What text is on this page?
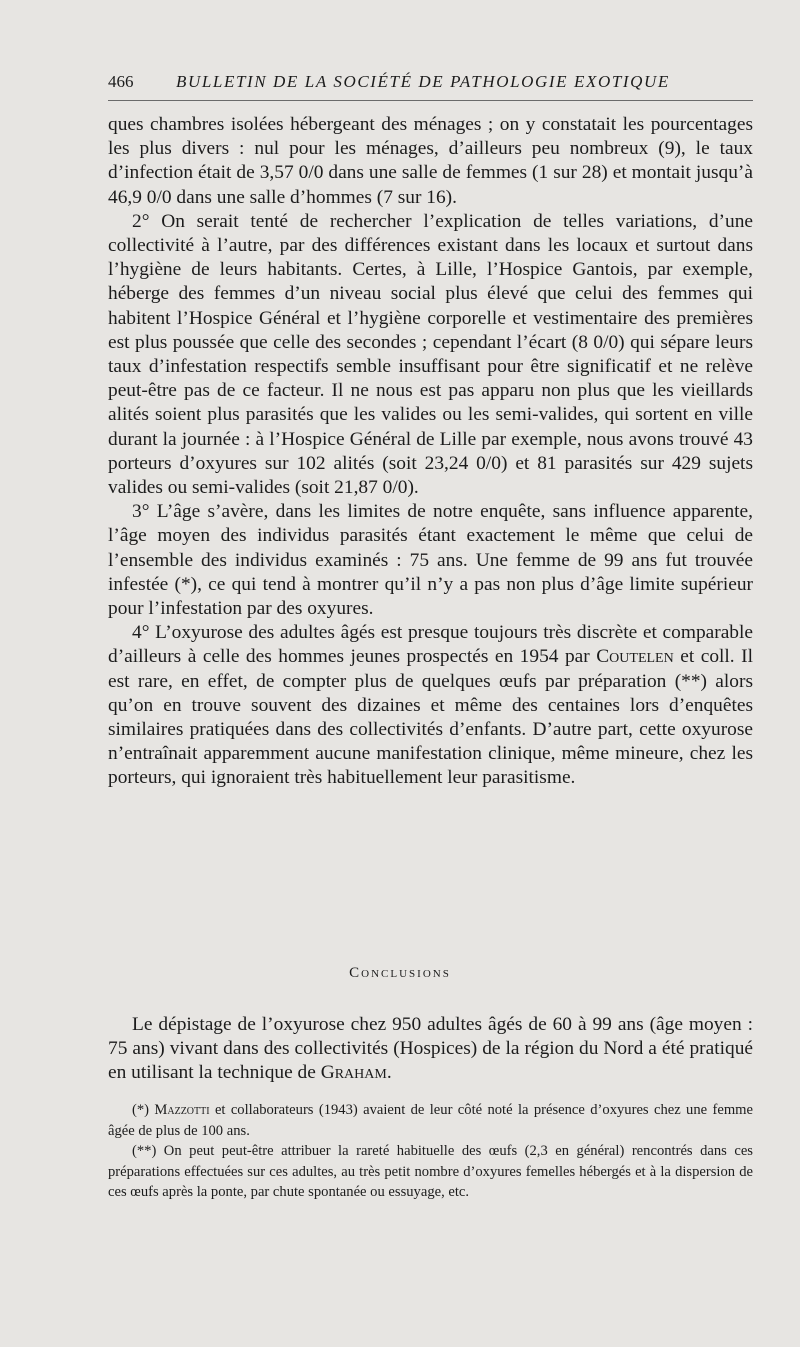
466	BULLETIN DE LA SOCIÉTÉ DE PATHOLOGIE EXOTIQUE

ques chambres isolées hébergeant des ménages ; on y constatait les pourcentages les plus divers : nul pour les ménages, d’ailleurs peu nombreux (9), le taux d’infection était de 3,57 0/0 dans une salle de femmes (1 sur 28) et montait jusqu’à 46,9 0/0 dans une salle d’hommes (7 sur 16).

2° On serait tenté de rechercher l’explication de telles variations, d’une collectivité à l’autre, par des différences existant dans les locaux et surtout dans l’hygiène de leurs habitants. Certes, à Lille, l’Hospice Gantois, par exemple, héberge des femmes d’un niveau social plus élevé que celui des femmes qui habitent l’Hospice Général et l’hygiène corporelle et vestimentaire des premières est plus poussée que celle des secondes ; cependant l’écart (8 0/0) qui sépare leurs taux d’infestation respectifs semble insuffisant pour être significatif et ne relève peut-être pas de ce facteur. Il ne nous est pas apparu non plus que les vieillards alités soient plus parasités que les valides ou les semi-valides, qui sortent en ville durant la journée : à l’Hospice Général de Lille par exemple, nous avons trouvé 43 porteurs d’oxyures sur 102 alités (soit 23,24 0/0) et 81 parasités sur 429 sujets valides ou semi-valides (soit 21,87 0/0).

3° L’âge s’avère, dans les limites de notre enquête, sans influence apparente, l’âge moyen des individus parasités étant exactement le même que celui de l’ensemble des individus examinés : 75 ans. Une femme de 99 ans fut trouvée infestée (*), ce qui tend à montrer qu’il n’y a pas non plus d’âge limite supérieur pour l’infestation par des oxyures.

4° L’oxyurose des adultes âgés est presque toujours très discrète et comparable d’ailleurs à celle des hommes jeunes prospectés en 1954 par Coutelen et coll. Il est rare, en effet, de compter plus de quelques œufs par préparation (**) alors qu’on en trouve souvent des dizaines et même des centaines lors d’enquêtes similaires pratiquées dans des collectivités d’enfants. D’autre part, cette oxyurose n’entraînait apparemment aucune manifestation clinique, même mineure, chez les porteurs, qui ignoraient très habituellement leur parasitisme.

Conclusions

Le dépistage de l’oxyurose chez 950 adultes âgés de 60 à 99 ans (âge moyen : 75 ans) vivant dans des collectivités (Hospices) de la région du Nord a été pratiqué en utilisant la technique de Graham.

(*) Mazzotti et collaborateurs (1943) avaient de leur côté noté la présence d’oxyures chez une femme âgée de plus de 100 ans.

(**) On peut peut-être attribuer la rareté habituelle des œufs (2,3 en général) rencontrés dans ces préparations effectuées sur ces adultes, au très petit nombre d’oxyures femelles hébergés et à la dispersion de ces œufs après la ponte, par chute spontanée ou essuyage, etc.
